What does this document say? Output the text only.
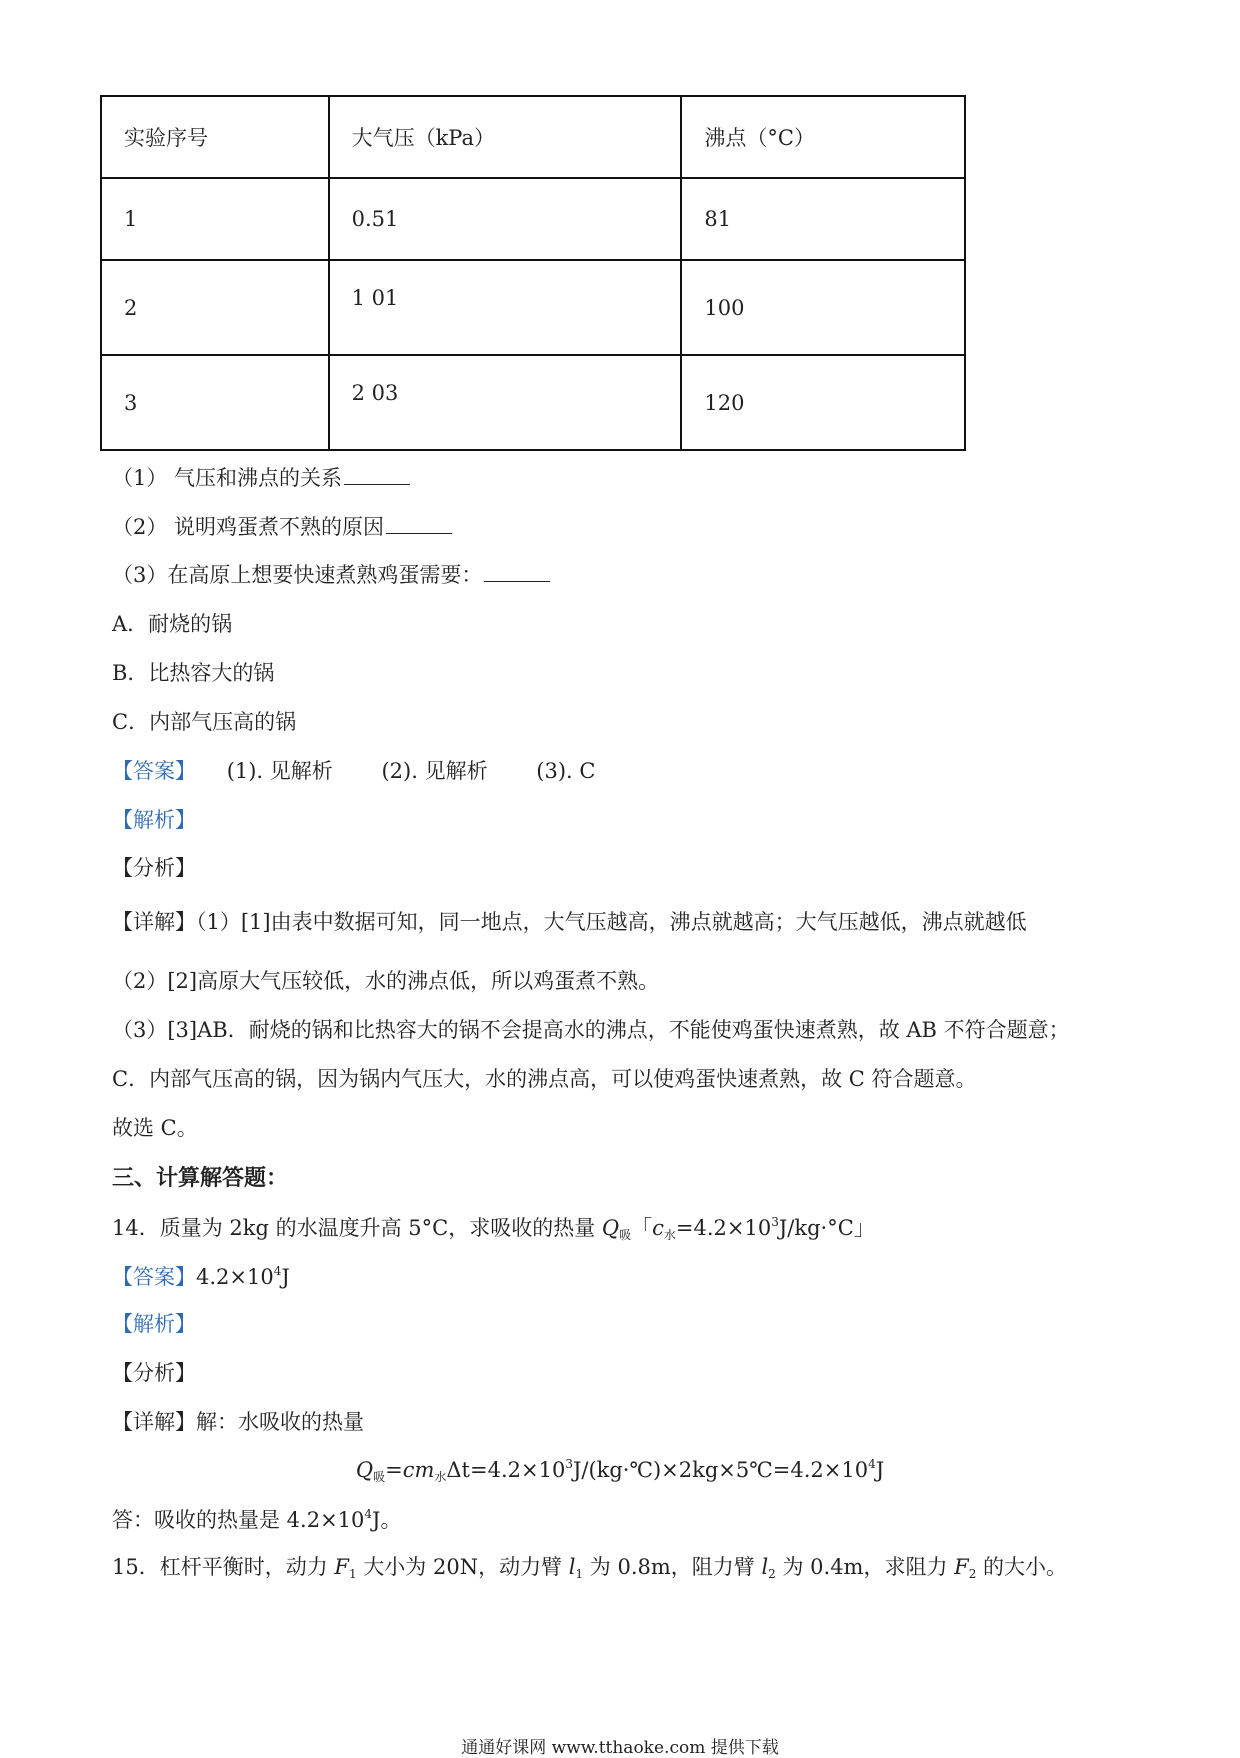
实验序号	大气压（kPa）	沸点（°C）
1	0.51	81
2	1 01	100
3	2 03	120
（1） 气压和沸点的关系
（2） 说明鸡蛋煮不熟的原因
（3）在高原上想要快速煮熟鸡蛋需要：
A．耐烧的锅
B．比热容大的锅
C．内部气压高的锅
【答案】 (1). 见解析 (2). 见解析 (3). C
【解析】
【分析】
【详解】（1）[1]由表中数据可知，同一地点，大气压越高，沸点就越高；大气压越低，沸点就越低
（2）[2]高原大气压较低，水的沸点低，所以鸡蛋煮不熟。
（3）[3]AB．耐烧的锅和比热容大的锅不会提高水的沸点，不能使鸡蛋快速煮熟，故 AB 不符合题意；
C．内部气压高的锅，因为锅内气压大，水的沸点高，可以使鸡蛋快速煮熟，故 C 符合题意。
故选 C。
三、计算解答题：
14．质量为 2kg 的水温度升高 5°C，求吸收的热量 $Q_吸$「$c_水=4.2\times 10^3J/kg\cdot^\circ C$」
【答案】$4.2\times 10^4J$
【解析】
【分析】
【详解】解：水吸收的热量
$Q_吸=cm_水\Delta t=4.2\times 10^3J/(kg\cdot℃)\times 2kg\times 5℃=4.2\times 10^4J$
答：吸收的热量是 $4.2\times 10^4J$。
15．杠杆平衡时，动力 $F_1$ 大小为 20N，动力臂 $l_1$ 为 0.8m，阻力臂 $l_2$ 为 0.4m，求阻力 $F_2$ 的大小。
通通好课网 www.tthaoke.com 提供下载
